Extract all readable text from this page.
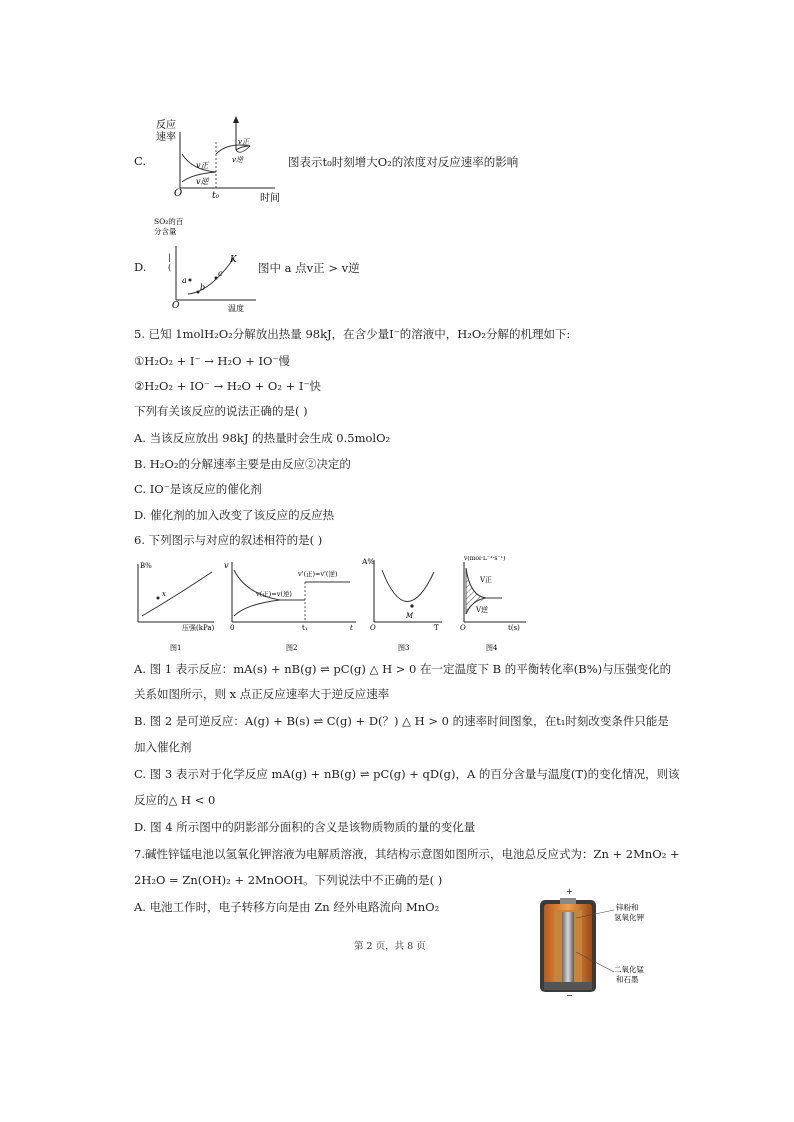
反应
速率
时间
O	t₀
v正
v逆
v正
v逆
C.	图表示t₀时刻增大O₂的浓度对反应速率的影响
SO₂的百
分含量
|
(
a
b
c
K
O	温度
D.	图中 a 点v正 > v逆
5. 已知 1molH₂O₂分解放出热量 98kJ，在含少量I⁻的溶液中，H₂O₂分解的机理如下:
①H₂O₂ + I⁻ → H₂O + IO⁻慢
②H₂O₂ + IO⁻ → H₂O + O₂ + I⁻快
下列有关该反应的说法正确的是( )
A. 当该反应放出 98kJ 的热量时会生成 0.5molO₂
B. H₂O₂的分解速率主要是由反应②决定的
C. IO⁻是该反应的催化剂
D. 催化剂的加入改变了该反应的反应热
6. 下列图示与对应的叙述相符的是( )
B%
x
压强(kPa)
图1
v
v(正)=v(逆)
v'(正)=v'(逆)
0	t₁	t
图2
A%
M
O	T
图3
v(mol·L⁻¹·s⁻¹)
V正
V逆
O	t(s)
图4
A. 图 1 表示反应：mA(s) + nB(g) ⇌ pC(g) △ H > 0 在一定温度下 B 的平衡转化率(B%)与压强变化的
关系如图所示，则 x 点正反应速率大于逆反应速率
B. 图 2 是可逆反应：A(g) + B(s) ⇌ C(g) + D(？) △ H > 0 的速率时间图象，在t₁时刻改变条件只能是
加入催化剂
C. 图 3 表示对于化学反应 mA(g) + nB(g) ⇌ pC(g) + qD(g)，A 的百分含量与温度(T)的变化情况，则该
反应的△ H < 0
D. 图 4 所示图中的阴影部分面积的含义是该物质物质的量的变化量
7.碱性锌锰电池以氢氧化钾溶液为电解质溶液，其结构示意图如图所示，电池总反应式为：Zn + 2MnO₂ +
2H₂O = Zn(OH)₂ + 2MnOOH。下列说法中不正确的是( )
A. 电池工作时，电子转移方向是由 Zn 经外电路流向 MnO₂
+
−
锌粉和
氢氧化钾
二氧化锰
和石墨
第 2 页，共 8 页
